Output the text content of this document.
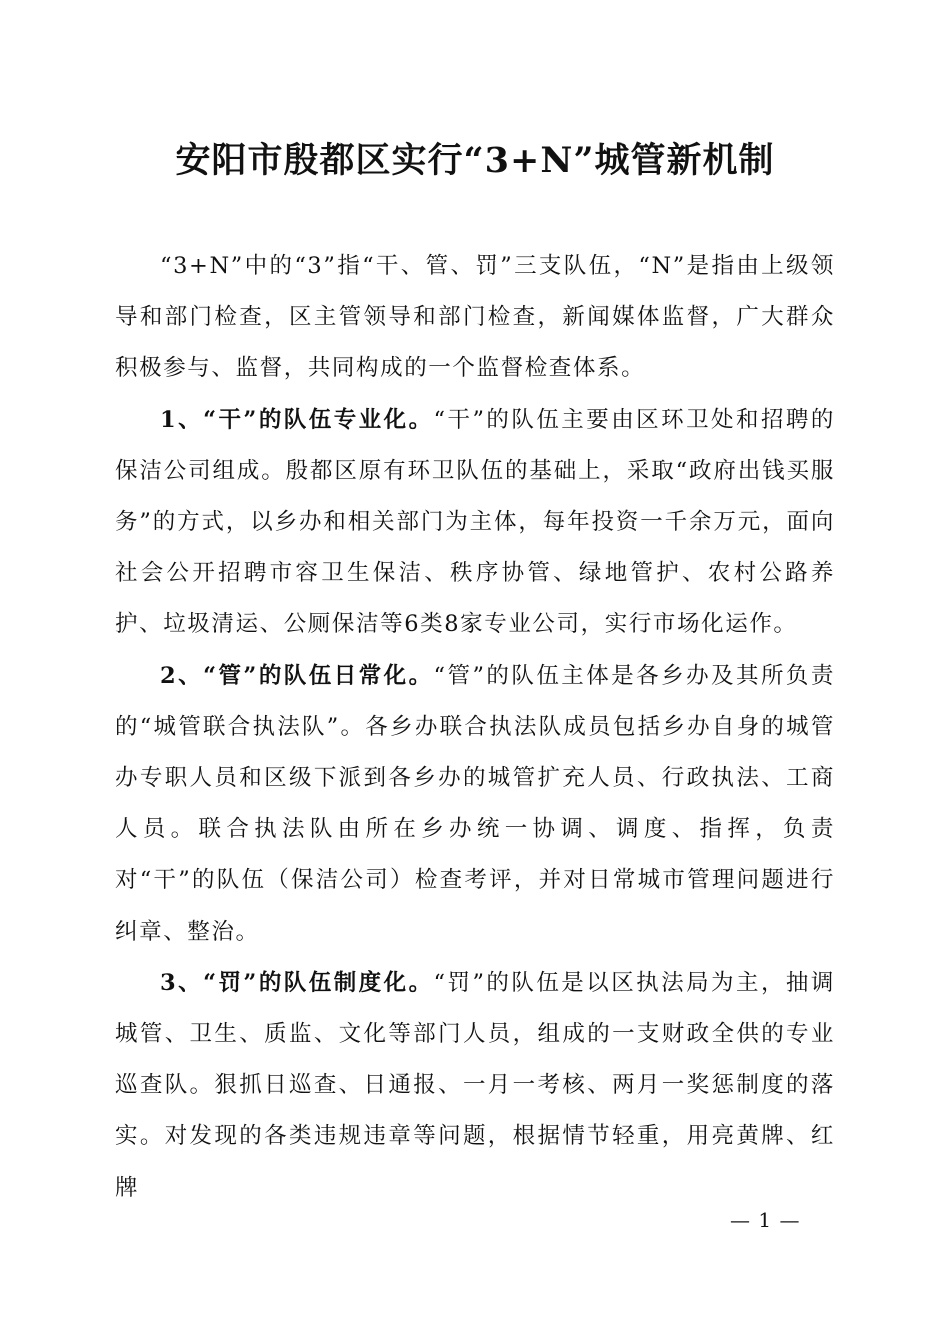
安阳市殷都区实行“3+N”城管新机制

“3+N”中的“3”指“干、管、罚”三支队伍，“N”是指由上级领导和部门检查，区主管领导和部门检查，新闻媒体监督，广大群众积极参与、监督，共同构成的一个监督检查体系。

1、“干”的队伍专业化。“干”的队伍主要由区环卫处和招聘的保洁公司组成。殷都区原有环卫队伍的基础上，采取“政府出钱买服务”的方式，以乡办和相关部门为主体，每年投资一千余万元，面向社会公开招聘市容卫生保洁、秩序协管、绿地管护、农村公路养护、垃圾清运、公厕保洁等6类8家专业公司，实行市场化运作。

2、“管”的队伍日常化。“管”的队伍主体是各乡办及其所负责的“城管联合执法队”。各乡办联合执法队成员包括乡办自身的城管办专职人员和区级下派到各乡办的城管扩充人员、行政执法、工商人员。联合执法队由所在乡办统一协调、调度、指挥，负责对“干”的队伍（保洁公司）检查考评，并对日常城市管理问题进行纠章、整治。

3、“罚”的队伍制度化。“罚”的队伍是以区执法局为主，抽调城管、卫生、质监、文化等部门人员，组成的一支财政全供的专业巡查队。狠抓日巡查、日通报、一月一考核、两月一奖惩制度的落实。对发现的各类违规违章等问题，根据情节轻重，用亮黄牌、红牌

— 1 —
